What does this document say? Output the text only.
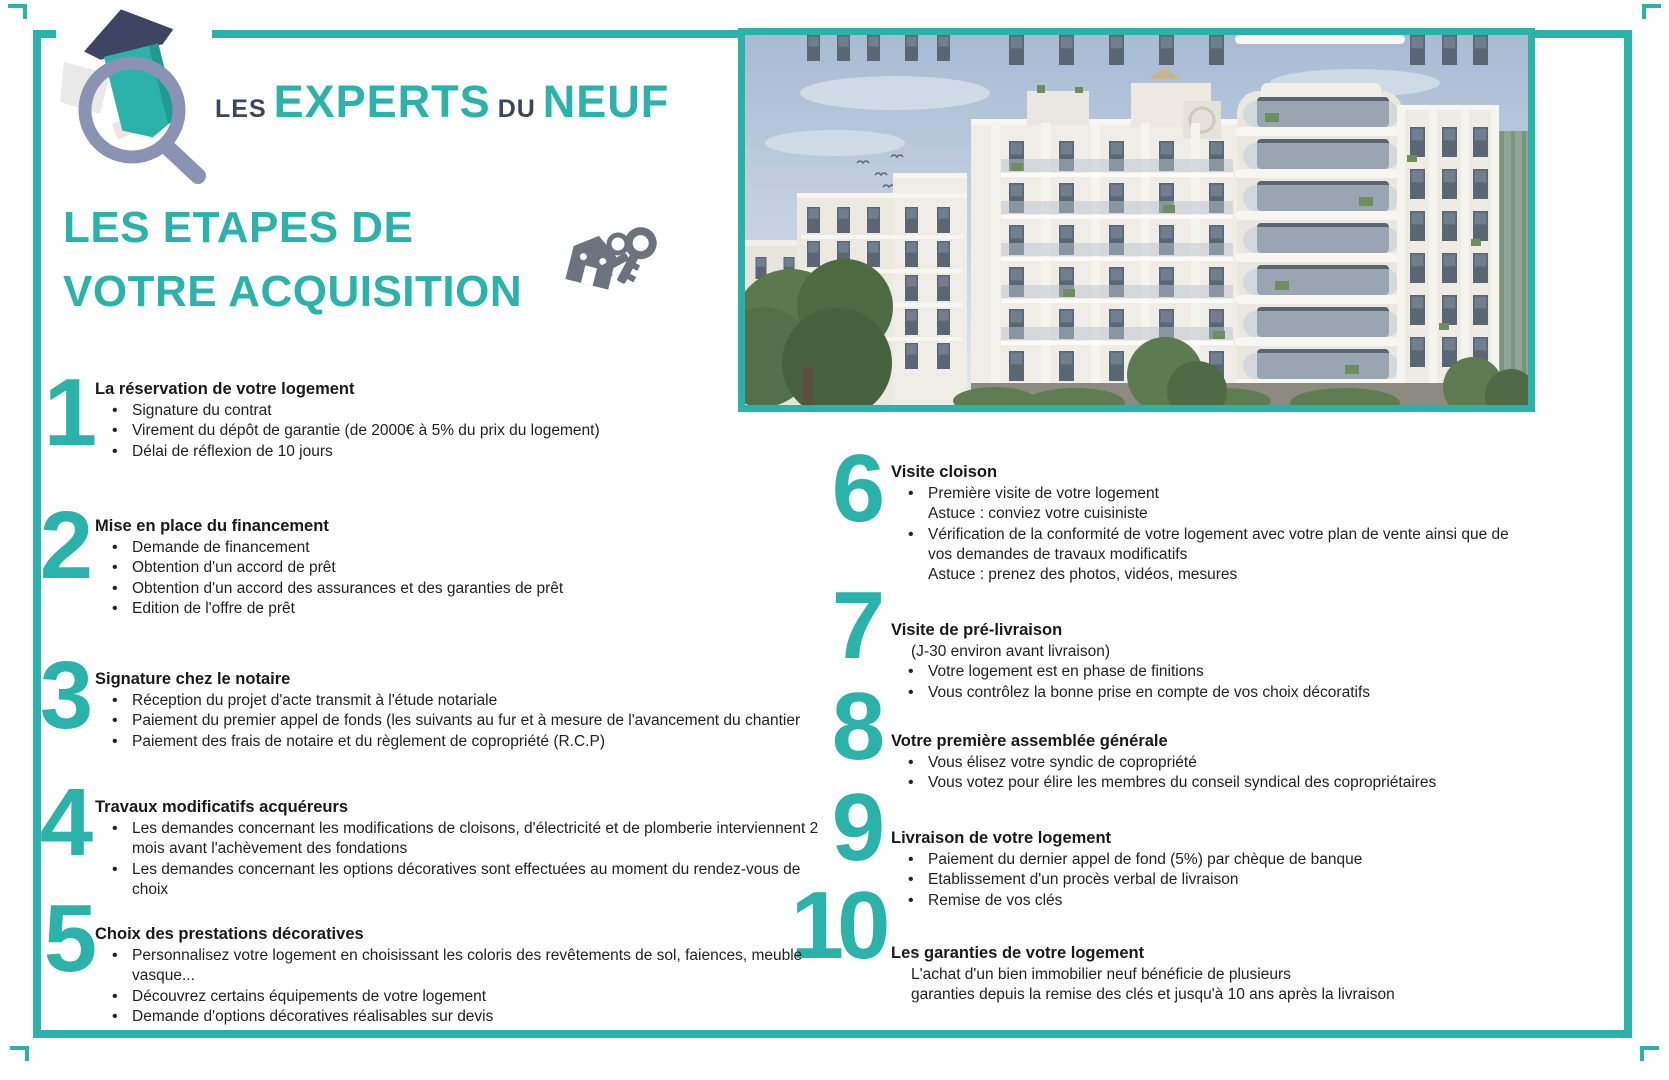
LES EXPERTS DU NEUF
LES ETAPES DE
VOTRE ACQUISITION
1
2
3
4
5
6
7
8
9
10
La réservation de votre logement
• Signature du contrat
• Virement du dépôt de garantie (de 2000€ à 5% du prix du logement)
• Délai de réflexion de 10 jours
Mise en place du financement
• Demande de financement
• Obtention d'un accord de prêt
• Obtention d'un accord des assurances et des garanties de prêt
• Edition de l'offre de prêt
Signature chez le notaire
• Réception du projet d'acte transmit à l'étude notariale
• Paiement du premier appel de fonds (les suivants au fur et à mesure de l'avancement du chantier
• Paiement des frais de notaire et du règlement de copropriété (R.C.P)
Travaux modificatifs acquéreurs
• Les demandes concernant les modifications de cloisons, d'électricité et de plomberie interviennent 2 mois avant l'achèvement des fondations
• Les demandes concernant les options décoratives sont effectuées au moment du rendez-vous de choix
Choix des prestations décoratives
• Personnalisez votre logement en choisissant les coloris des revêtements de sol, faiences, meuble vasque...
• Découvrez certains équipements de votre logement
• Demande d'options décoratives réalisables sur devis
Visite cloison
• Première visite de votre logement
Astuce : conviez votre cuisiniste
• Vérification de la conformité de votre logement avec votre plan de vente ainsi que de vos demandes de travaux modificatifs
Astuce : prenez des photos, vidéos, mesures
Visite de pré-livraison
(J-30 environ avant livraison)
• Votre logement est en phase de finitions
• Vous contrôlez la bonne prise en compte de vos choix décoratifs
Votre première assemblée générale
• Vous élisez votre syndic de copropriété
• Vous votez pour élire les membres du conseil syndical des copropriétaires
Livraison de votre logement
• Paiement du dernier appel de fond (5%) par chèque de banque
• Etablissement d'un procès verbal de livraison
• Remise de vos clés
Les garanties de votre logement
L'achat d'un bien immobilier neuf bénéficie de plusieurs
garanties depuis la remise des clés et jusqu'à 10 ans après la livraison
